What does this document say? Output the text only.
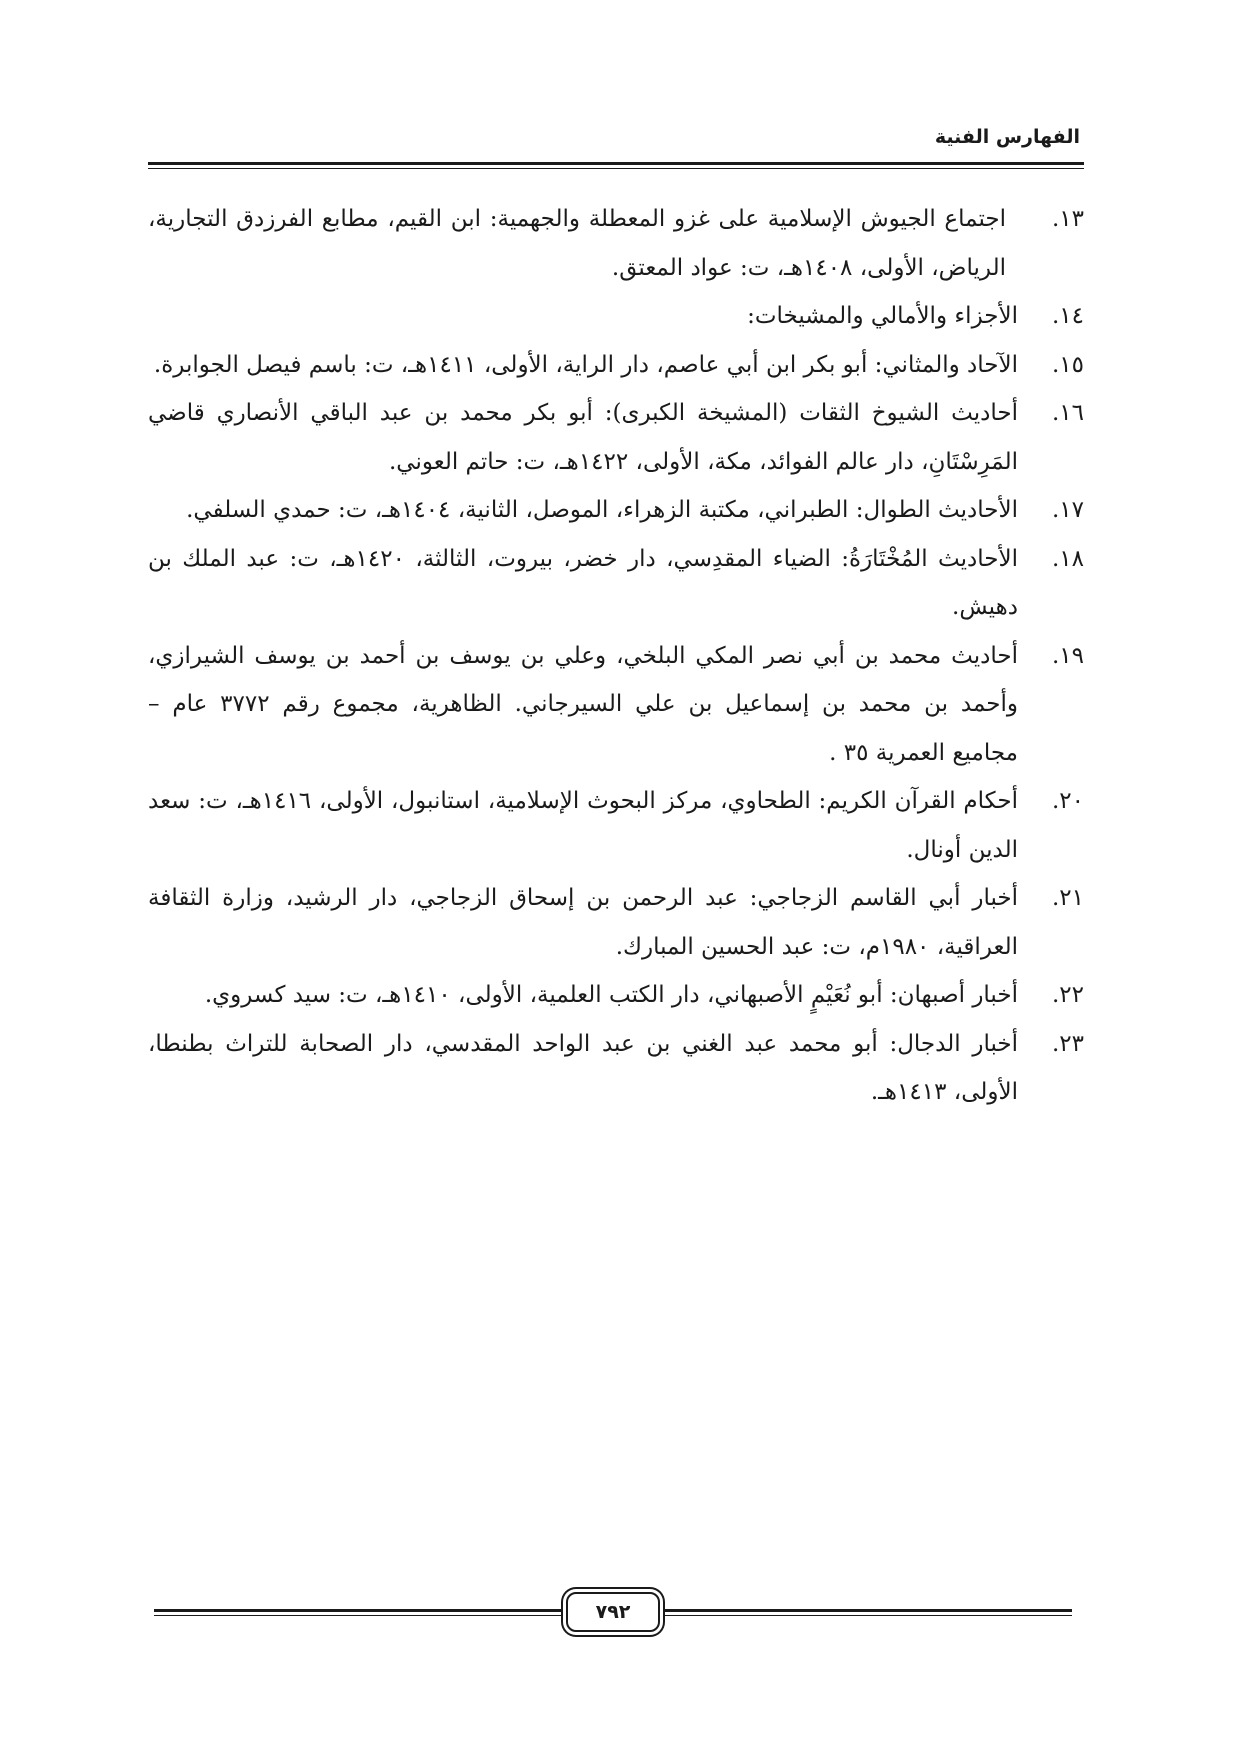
الفهارس الفنية
١٣.
اجتماع الجيوش الإسلامية على غزو المعطلة والجهمية: ابن القيم، مطابع الفرزدق التجارية، الرياض، الأولى، ١٤٠٨هـ، ت: عواد المعتق.
١٤.
الأجزاء والأمالي والمشيخات:
١٥.
الآحاد والمثاني: أبو بكر ابن أبي عاصم، دار الراية، الأولى، ١٤١١هـ، ت: باسم فيصل الجوابرة.
١٦.
أحاديث الشيوخ الثقات (المشيخة الكبرى): أبو بكر محمد بن عبد الباقي الأنصاري قاضي المَرِسْتَانِ، دار عالم الفوائد، مكة، الأولى، ١٤٢٢هـ، ت: حاتم العوني.
١٧.
الأحاديث الطوال: الطبراني، مكتبة الزهراء، الموصل، الثانية، ١٤٠٤هـ، ت: حمدي السلفي.
١٨.
الأحاديث المُخْتَارَةُ: الضياء المقدِسي، دار خضر، بيروت، الثالثة، ١٤٢٠هـ، ت: عبد الملك بن دهيش.
١٩.
أحاديث محمد بن أبي نصر المكي البلخي، وعلي بن يوسف بن أحمد بن يوسف الشيرازي، وأحمد بن محمد بن إسماعيل بن علي السيرجاني. الظاهرية، مجموع رقم ٣٧٧٢ عام – مجاميع العمرية ٣٥ .
٢٠.
أحكام القرآن الكريم: الطحاوي، مركز البحوث الإسلامية، استانبول، الأولى، ١٤١٦هـ، ت: سعد الدين أونال.
٢١.
أخبار أبي القاسم الزجاجي: عبد الرحمن بن إسحاق الزجاجي، دار الرشيد، وزارة الثقافة العراقية، ١٩٨٠م، ت: عبد الحسين المبارك.
٢٢.
أخبار أصبهان: أبو نُعَيْمٍ الأصبهاني، دار الكتب العلمية، الأولى، ١٤١٠هـ، ت: سيد كسروي.
٢٣.
أخبار الدجال: أبو محمد عبد الغني بن عبد الواحد المقدسي، دار الصحابة للتراث بطنطا، الأولى، ١٤١٣هـ.
٧٩٢
